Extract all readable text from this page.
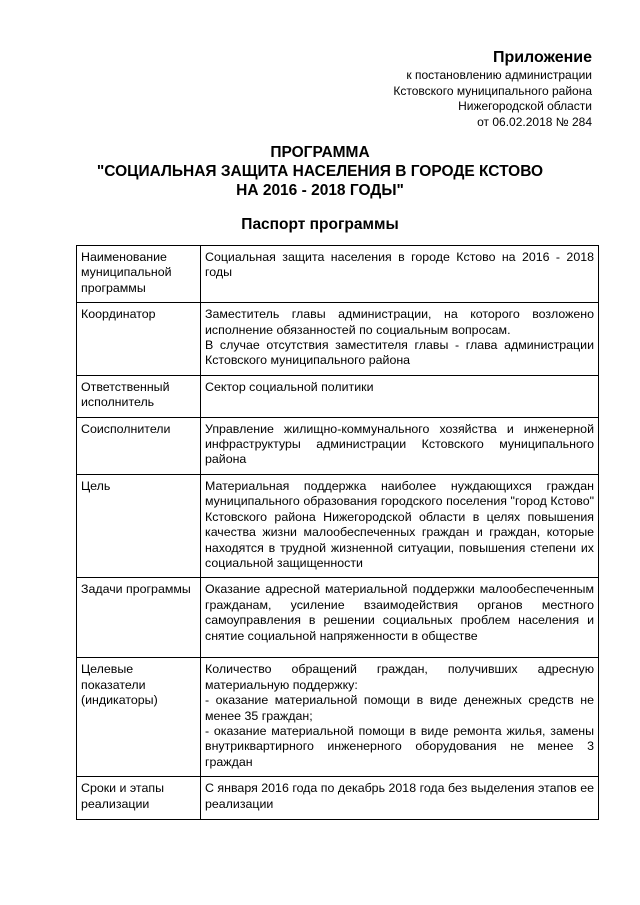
Приложение
к постановлению администрации
Кстовского муниципального района
Нижегородской области
от 06.02.2018 № 284
ПРОГРАММА
"СОЦИАЛЬНАЯ ЗАЩИТА НАСЕЛЕНИЯ В ГОРОДЕ КСТОВО
НА 2016 - 2018 ГОДЫ"
Паспорт программы
Наименование муниципальной программы	Социальная защита населения в городе Кстово на 2016 - 2018 годы

Координатор	Заместитель главы администрации, на которого возложено исполнение обязанностей по социальным вопросам.
В случае отсутствия заместителя главы - глава администрации Кстовского муниципального района

Ответственный исполнитель	Сектор социальной политики

Соисполнители	Управление жилищно-коммунального хозяйства и инженерной инфраструктуры администрации Кстовского муниципального района

Цель	Материальная поддержка наиболее нуждающихся граждан муниципального образования городского поселения "город Кстово" Кстовского района Нижегородской области в целях повышения качества жизни малообеспеченных граждан и граждан, которые находятся в трудной жизненной ситуации, повышения степени их социальной защищенности

Задачи программы	Оказание адресной материальной поддержки малообеспеченным гражданам, усиление взаимодействия органов местного самоуправления в решении социальных проблем населения и снятие социальной напряженности в обществе

Целевые показатели (индикаторы)	Количество обращений граждан, получивших адресную материальную поддержку:
- оказание материальной помощи в виде денежных средств не менее 35 граждан;
- оказание материальной помощи в виде ремонта жилья, замены внутриквартирного инженерного оборудования не менее 3 граждан

Сроки и этапы реализации	С января 2016 года по декабрь 2018 года без выделения этапов ее реализации
